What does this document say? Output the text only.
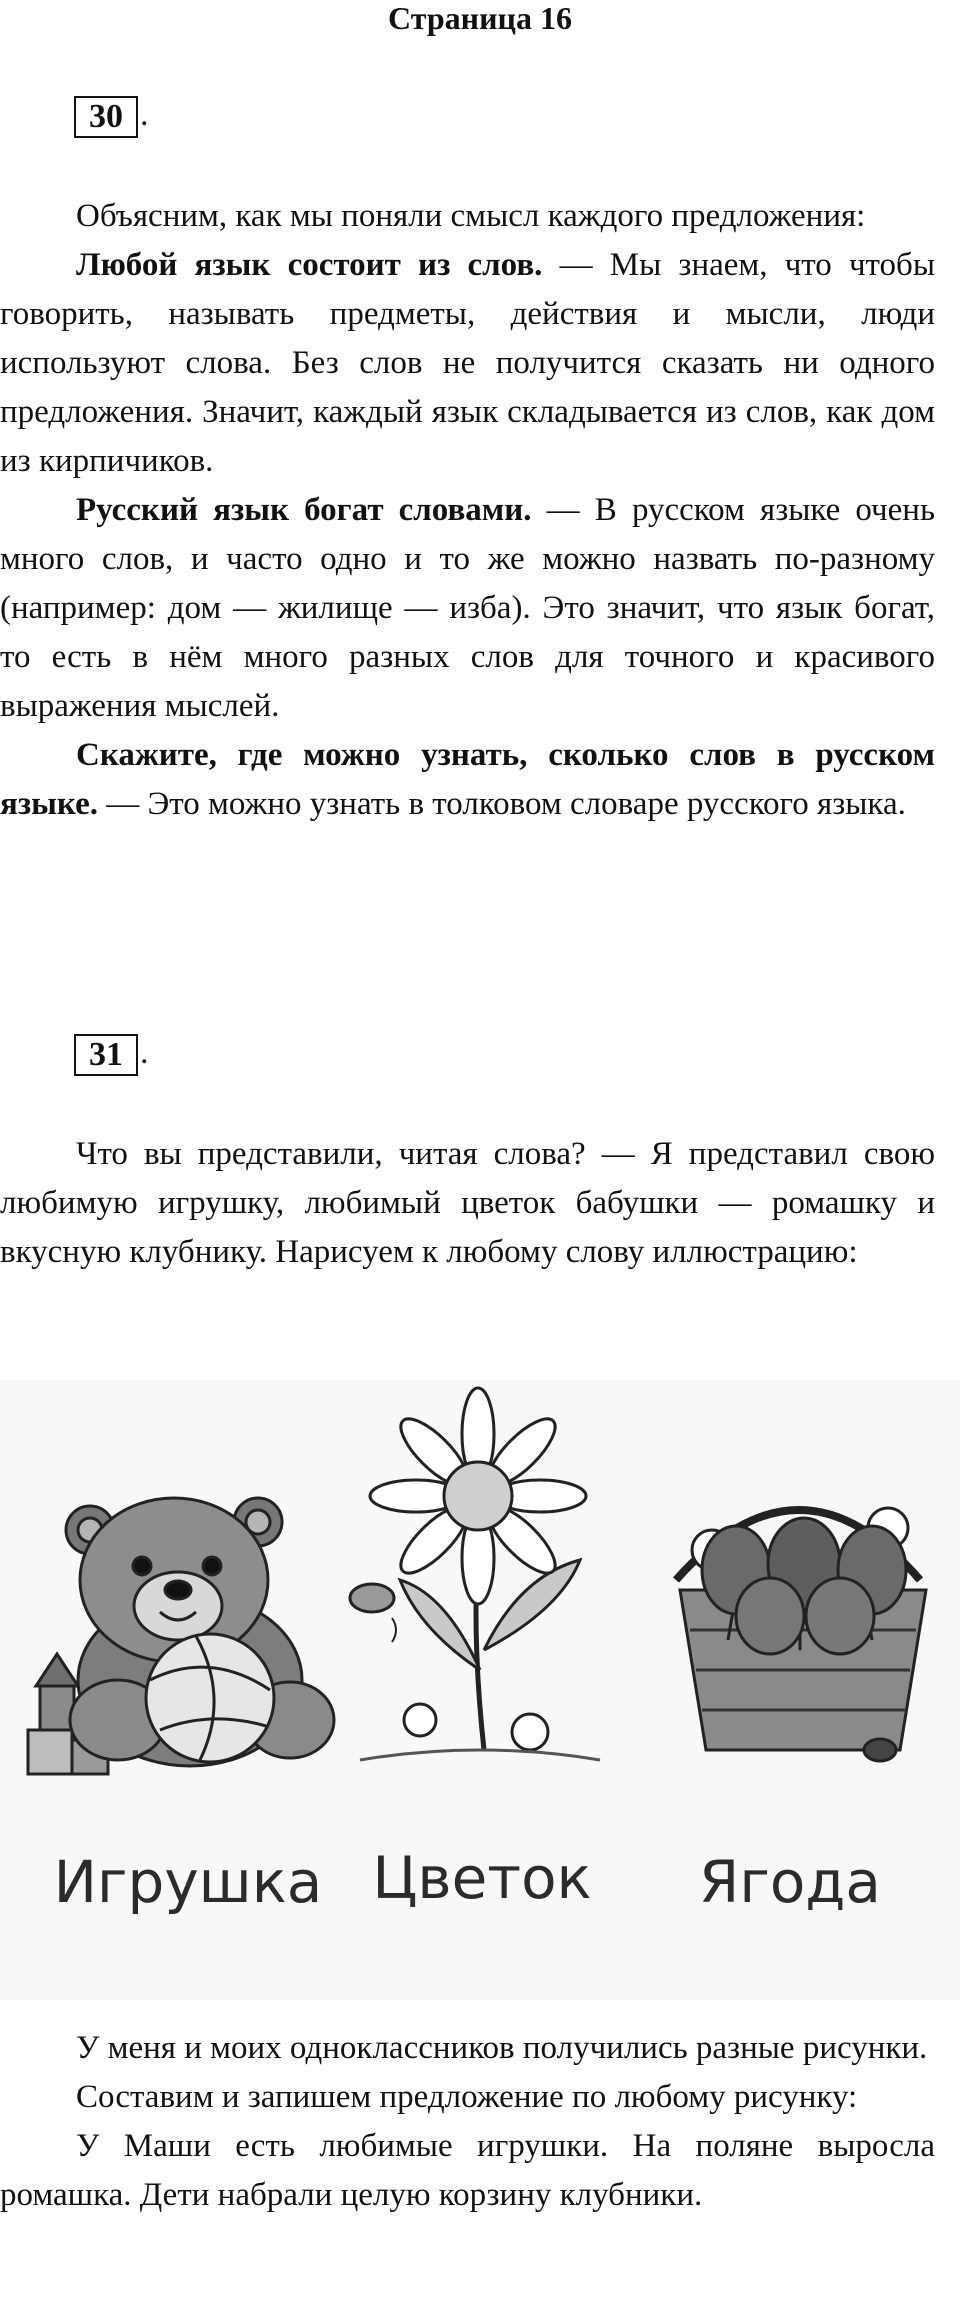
Страница 16
30 .

Объясним, как мы поняли смысл каждого предложения:

Любой язык состоит из слов. — Мы знаем, что чтобы говорить, называть предметы, действия и мысли, люди используют слова. Без слов не получится сказать ни одного предложения. Значит, каждый язык складывается из слов, как дом из кирпичиков.

Русский язык богат словами. — В русском языке очень много слов, и часто одно и то же можно назвать по-разному (например: дом — жилище — изба). Это значит, что язык богат, то есть в нём много разных слов для точного и красивого выражения мыслей.

Скажите, где можно узнать, сколько слов в русском языке. — Это можно узнать в толковом словаре русского языка.

31 .

Что вы представили, читая слова? — Я представил свою любимую игрушку, любимый цветок бабушки — ромашку и вкусную клубнику. Нарисуем к любому слову иллюстрацию:

Игрушка Цветок Ягода

У меня и моих одноклассников получились разные рисунки.

Составим и запишем предложение по любому рисунку:

У Маши есть любимые игрушки. На поляне выросла ромашка. Дети набрали целую корзину клубники.
